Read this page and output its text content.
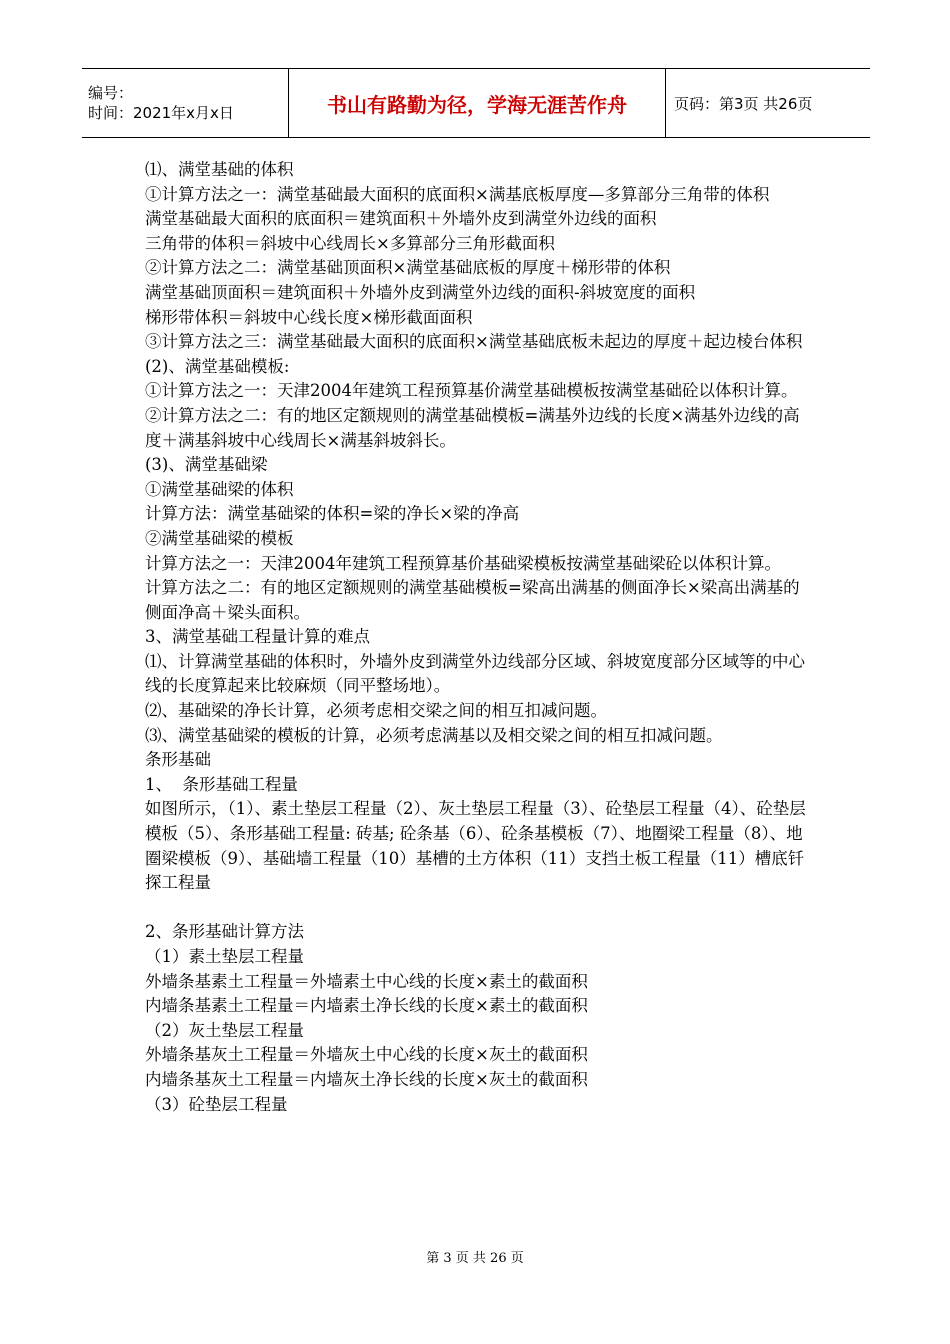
编号：
时间：2021年x月x日	书山有路勤为径，学海无涯苦作舟	页码：第3页 共26页

⑴、满堂基础的体积

①计算方法之一：满堂基础最大面积的底面积×满基底板厚度—多算部分三角带的体积

满堂基础最大面积的底面积＝建筑面积＋外墙外皮到满堂外边线的面积

三角带的体积＝斜坡中心线周长×多算部分三角形截面积

②计算方法之二：满堂基础顶面积×满堂基础底板的厚度＋梯形带的体积

满堂基础顶面积＝建筑面积＋外墙外皮到满堂外边线的面积-斜坡宽度的面积

梯形带体积＝斜坡中心线长度×梯形截面面积

③计算方法之三：满堂基础最大面积的底面积×满堂基础底板未起边的厚度＋起边棱台体积

(2)、满堂基础模板:

①计算方法之一：天津2004年建筑工程预算基价满堂基础模板按满堂基础砼以体积计算。

②计算方法之二：有的地区定额规则的满堂基础模板=满基外边线的长度×满基外边线的高度＋满基斜坡中心线周长×满基斜坡斜长。

(3)、满堂基础梁

①满堂基础梁的体积

计算方法：满堂基础梁的体积=梁的净长×梁的净高

②满堂基础梁的模板

计算方法之一：天津2004年建筑工程预算基价基础梁模板按满堂基础梁砼以体积计算。

计算方法之二：有的地区定额规则的满堂基础模板=梁高出满基的侧面净长×梁高出满基的侧面净高＋梁头面积。

3、满堂基础工程量计算的难点

⑴、计算满堂基础的体积时，外墙外皮到满堂外边线部分区域、斜坡宽度部分区域等的中心线的长度算起来比较麻烦（同平整场地）。

⑵、基础梁的净长计算，必须考虑相交梁之间的相互扣减问题。

⑶、满堂基础梁的模板的计算，必须考虑满基以及相交梁之间的相互扣减问题。

条形基础

1、  条形基础工程量

如图所示，（1）、素土垫层工程量（2）、灰土垫层工程量（3）、砼垫层工程量（4）、砼垫层模板（5）、条形基础工程量: 砖基; 砼条基（6）、砼条基模板（7）、地圈梁工程量（8）、地圈梁模板（9）、基础墙工程量（10）基槽的土方体积（11）支挡土板工程量（11）槽底钎探工程量

2、条形基础计算方法

（1）素土垫层工程量

外墙条基素土工程量＝外墙素土中心线的长度×素土的截面积

内墙条基素土工程量＝内墙素土净长线的长度×素土的截面积

（2）灰土垫层工程量

外墙条基灰土工程量＝外墙灰土中心线的长度×灰土的截面积

内墙条基灰土工程量＝内墙灰土净长线的长度×灰土的截面积

（3）砼垫层工程量

第 3 页 共 26 页
